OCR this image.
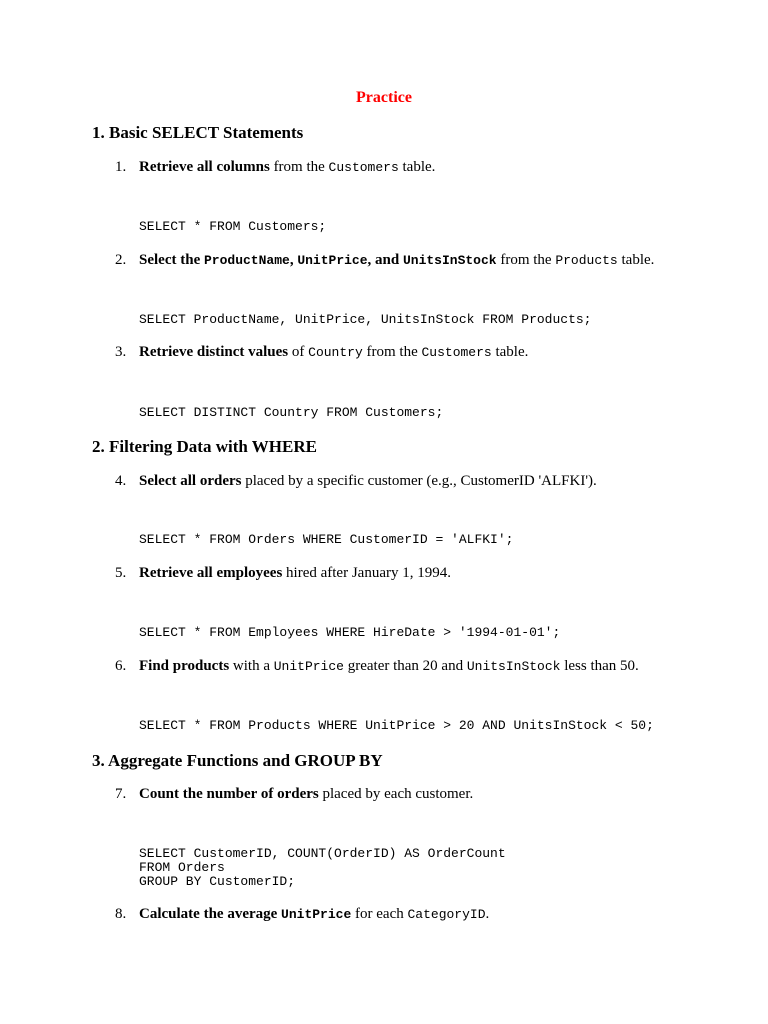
Practice
1. Basic SELECT Statements
1. Retrieve all columns from the Customers table.
SELECT * FROM Customers;
2. Select the ProductName, UnitPrice, and UnitsInStock from the Products table.
SELECT ProductName, UnitPrice, UnitsInStock FROM Products;
3. Retrieve distinct values of Country from the Customers table.
SELECT DISTINCT Country FROM Customers;
2. Filtering Data with WHERE
4. Select all orders placed by a specific customer (e.g., CustomerID 'ALFKI').
SELECT * FROM Orders WHERE CustomerID = 'ALFKI';
5. Retrieve all employees hired after January 1, 1994.
SELECT * FROM Employees WHERE HireDate > '1994-01-01';
6. Find products with a UnitPrice greater than 20 and UnitsInStock less than 50.
SELECT * FROM Products WHERE UnitPrice > 20 AND UnitsInStock < 50;
3. Aggregate Functions and GROUP BY
7. Count the number of orders placed by each customer.
SELECT CustomerID, COUNT(OrderID) AS OrderCount
FROM Orders
GROUP BY CustomerID;
8. Calculate the average UnitPrice for each CategoryID.
